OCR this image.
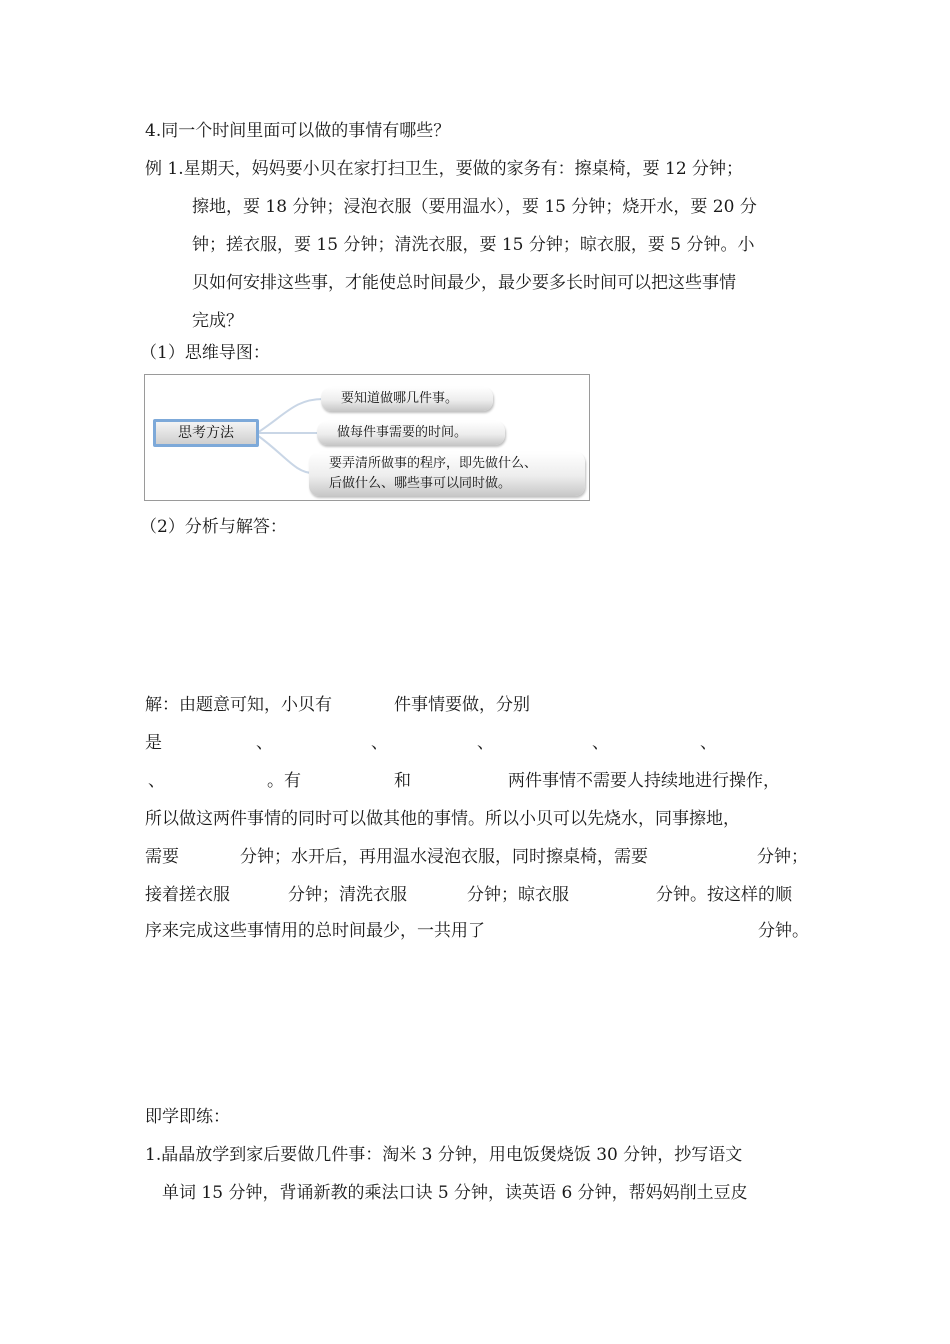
4.同一个时间里面可以做的事情有哪些？
例 1.星期天，妈妈要小贝在家打扫卫生，要做的家务有：擦桌椅，要 12 分钟；
擦地，要 18 分钟；浸泡衣服（要用温水），要 15 分钟；烧开水，要 20 分
钟；搓衣服，要 15 分钟；清洗衣服，要 15 分钟；晾衣服，要 5 分钟。小
贝如何安排这些事，才能使总时间最少，最少要多长时间可以把这些事情
完成？
（1）思维导图：
思考方法
要知道做哪几件事。
做每件事需要的时间。
要弄清所做事的程序，即先做什么、
后做什么、哪些事可以同时做。
（2）分析与解答：
解：由题意可知，小贝有	件事情要做，分别
是	、	、	、	、	、
、	。有	和	两件事情不需要人持续地进行操作，
所以做这两件事情的同时可以做其他的事情。所以小贝可以先烧水，同事擦地，
需要	分钟；水开后，再用温水浸泡衣服，同时擦桌椅，需要	分钟；
接着搓衣服	分钟；清洗衣服	分钟；晾衣服	分钟。按这样的顺
序来完成这些事情用的总时间最少，一共用了	分钟。
即学即练：
1.晶晶放学到家后要做几件事：淘米 3 分钟，用电饭煲烧饭 30 分钟，抄写语文
单词 15 分钟，背诵新教的乘法口诀 5 分钟，读英语 6 分钟，帮妈妈削土豆皮
